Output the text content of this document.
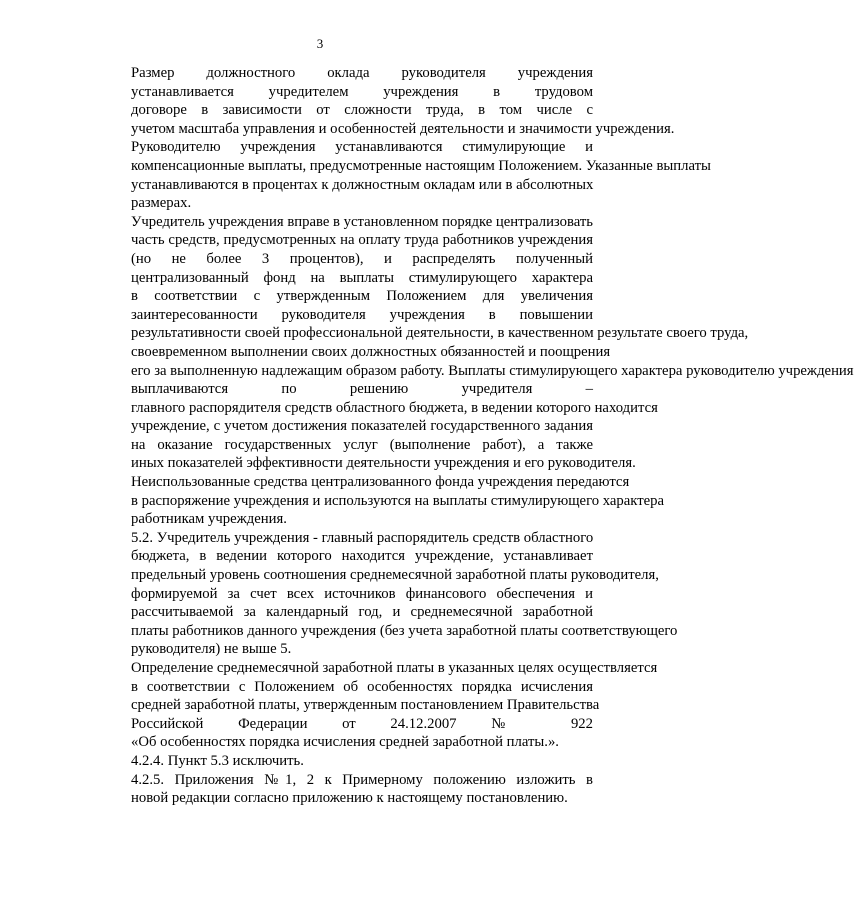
3

Размер должностного оклада руководителя учреждения
устанавливается учредителем учреждения в трудовом
договоре в зависимости от сложности труда, в том числе с
учетом масштаба управления и особенностей деятельности и значимости учреждения.

Руководителю учреждения устанавливаются стимулирующие и
компенсационные выплаты, предусмотренные настоящим Положением. Указанные выплаты
устанавливаются в процентах к должностным окладам или в абсолютных
размерах.

Учредитель учреждения вправе в установленном порядке централизовать
часть средств, предусмотренных на оплату труда работников учреждения
(но не более 3 процентов), и распределять полученный
централизованный фонд на выплаты стимулирующего характера
в соответствии с утвержденным Положением для увеличения
заинтересованности руководителя учреждения в повышении
результативности своей профессиональной деятельности, в качественном результате своего труда,
своевременном выполнении своих должностных обязанностей и поощрения
его за выполненную надлежащим образом работу. Выплаты стимулирующего характера руководителю учреждения
выплачиваются по решению учредителя –
главного распорядителя средств областного бюджета, в ведении которого находится
учреждение, с учетом достижения показателей государственного задания
на оказание государственных услуг (выполнение работ), а также
иных показателей эффективности деятельности учреждения и его руководителя.

Неиспользованные средства централизованного фонда учреждения передаются
в распоряжение учреждения и используются на выплаты стимулирующего характера
работникам учреждения.

5.2. Учредитель учреждения - главный распорядитель средств областного
бюджета, в ведении которого находится учреждение, устанавливает
предельный уровень соотношения среднемесячной заработной платы руководителя,
формируемой за счет всех источников финансового обеспечения и
рассчитываемой за календарный год, и среднемесячной заработной
платы работников данного учреждения (без учета заработной платы соответствующего
руководителя) не выше 5.

Определение среднемесячной заработной платы в указанных целях осуществляется
в соответствии с Положением об особенностях порядка исчисления
средней заработной платы, утвержденным постановлением Правительства
Российской Федерации от 24.12.2007 № 922
«Об особенностях порядка исчисления средней заработной платы.».

4.2.4. Пункт 5.3 исключить.

4.2.5. Приложения №1, 2 к Примерному положению изложить в
новой редакции согласно приложению к настоящему постановлению.
